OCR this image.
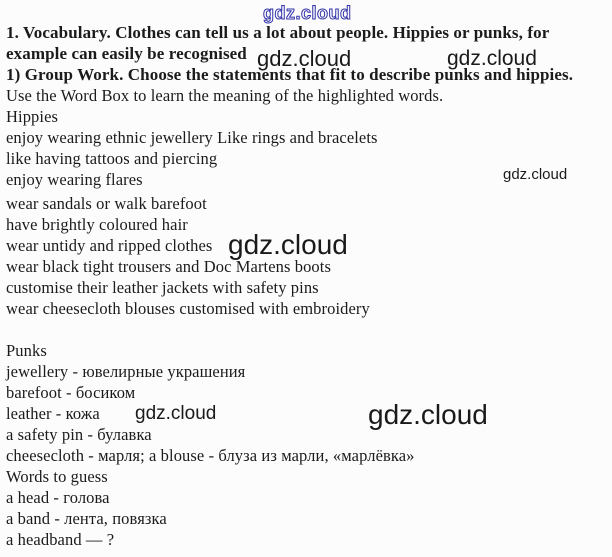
1. Vocabulary. Clothes can tell us a lot about people. Hippies or punks, for
example can easily be recognised
1) Group Work. Choose the statements that fit to describe punks and hippies.
Use the Word Box to learn the meaning of the highlighted words.
Hippies
enjoy wearing ethnic jewellery Like rings and bracelets
like having tattoos and piercing
enjoy wearing flares
wear sandals or walk barefoot
have brightly coloured hair
wear untidy and ripped clothes
wear black tight trousers and Doc Martens boots
customise their leather jackets with safety pins
wear cheesecloth blouses customised with embroidery
Punks
jewellery - ювелирные украшения
barefoot - босиком
leather - кожа
a safety pin - булавка
cheesecloth - марля; a blouse - блуза из марли, «марлёвка»
Words to guess
a head - голова
a band - лента, повязка
a headband — ?
gdz.cloud
gdz.cloud	gdz.cloud
gdz.cloud
gdz.cloud
gdz.cloud	gdz.cloud
